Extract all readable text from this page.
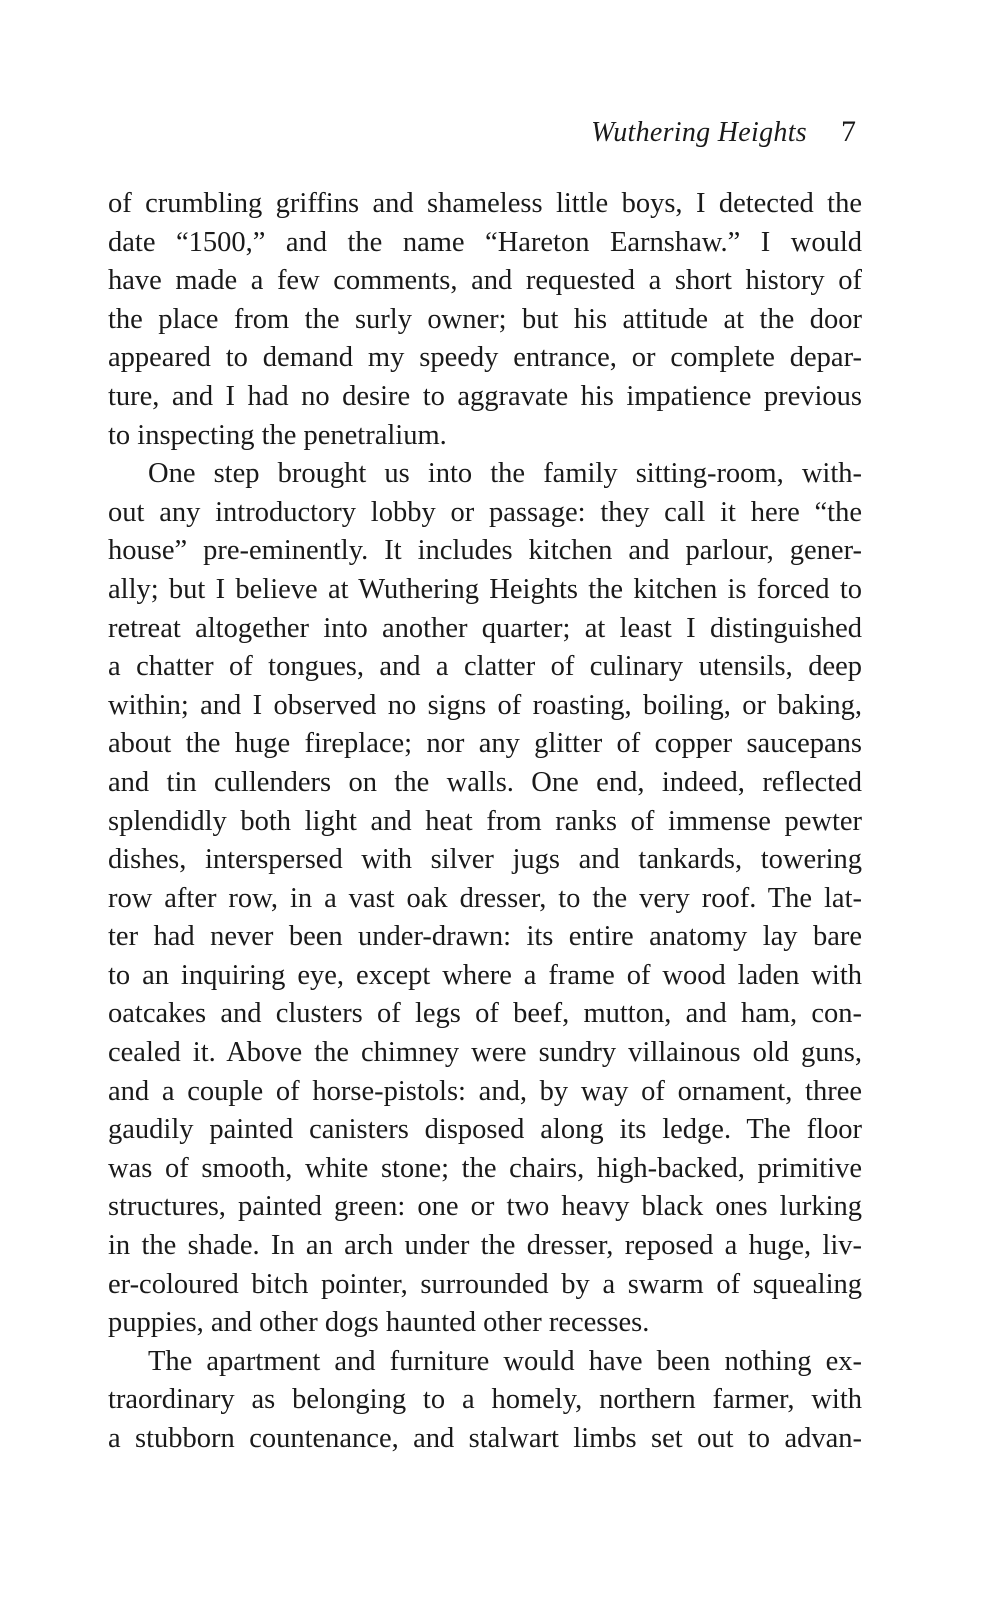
Wuthering Heights 7
of crumbling griffins and shameless little boys, I detected the
date “1500,” and the name “Hareton Earnshaw.” I would
have made a few comments, and requested a short history of
the place from the surly owner; but his attitude at the door
appeared to demand my speedy entrance, or complete depar-
ture, and I had no desire to aggravate his impatience previous
to inspecting the penetralium.
One step brought us into the family sitting-room, with-
out any introductory lobby or passage: they call it here “the
house” pre-eminently. It includes kitchen and parlour, gener-
ally; but I believe at Wuthering Heights the kitchen is forced to
retreat altogether into another quarter; at least I distinguished
a chatter of tongues, and a clatter of culinary utensils, deep
within; and I observed no signs of roasting, boiling, or baking,
about the huge fireplace; nor any glitter of copper saucepans
and tin cullenders on the walls. One end, indeed, reflected
splendidly both light and heat from ranks of immense pewter
dishes, interspersed with silver jugs and tankards, towering
row after row, in a vast oak dresser, to the very roof. The lat-
ter had never been under-drawn: its entire anatomy lay bare
to an inquiring eye, except where a frame of wood laden with
oatcakes and clusters of legs of beef, mutton, and ham, con-
cealed it. Above the chimney were sundry villainous old guns,
and a couple of horse-pistols: and, by way of ornament, three
gaudily painted canisters disposed along its ledge. The floor
was of smooth, white stone; the chairs, high-backed, primitive
structures, painted green: one or two heavy black ones lurking
in the shade. In an arch under the dresser, reposed a huge, liv-
er-coloured bitch pointer, surrounded by a swarm of squealing
puppies, and other dogs haunted other recesses.
The apartment and furniture would have been nothing ex-
traordinary as belonging to a homely, northern farmer, with
a stubborn countenance, and stalwart limbs set out to advan-
